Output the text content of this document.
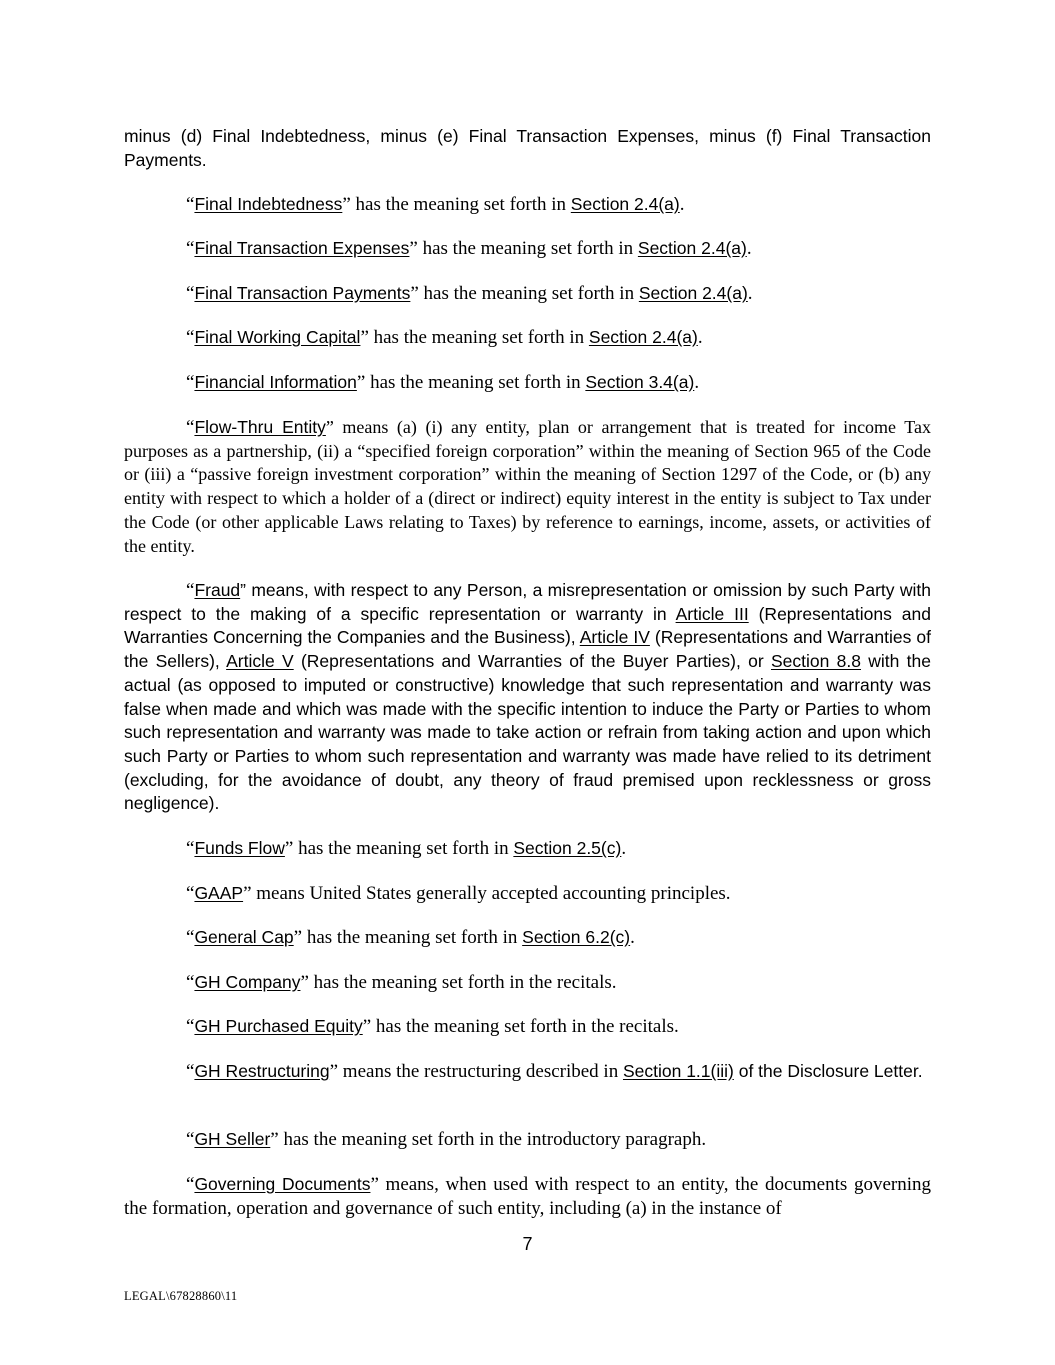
minus (d) Final Indebtedness, minus (e) Final Transaction Expenses, minus (f) Final Transaction Payments.

“Final Indebtedness” has the meaning set forth in Section 2.4(a).

“Final Transaction Expenses” has the meaning set forth in Section 2.4(a).

“Final Transaction Payments” has the meaning set forth in Section 2.4(a).

“Final Working Capital” has the meaning set forth in Section 2.4(a).

“Financial Information” has the meaning set forth in Section 3.4(a).

“Flow-Thru Entity” means (a) (i) any entity, plan or arrangement that is treated for income Tax purposes as a partnership, (ii) a “specified foreign corporation” within the meaning of Section 965 of the Code or (iii) a “passive foreign investment corporation” within the meaning of Section 1297 of the Code, or (b) any entity with respect to which a holder of a (direct or indirect) equity interest in the entity is subject to Tax under the Code (or other applicable Laws relating to Taxes) by reference to earnings, income, assets, or activities of the entity.

“Fraud” means, with respect to any Person, a misrepresentation or omission by such Party with respect to the making of a specific representation or warranty in Article III (Representations and Warranties Concerning the Companies and the Business), Article IV (Representations and Warranties of the Sellers), Article V (Representations and Warranties of the Buyer Parties), or Section 8.8 with the actual (as opposed to imputed or constructive) knowledge that such representation and warranty was false when made and which was made with the specific intention to induce the Party or Parties to whom such representation and warranty was made to take action or refrain from taking action and upon which such Party or Parties to whom such representation and warranty was made have relied to its detriment (excluding, for the avoidance of doubt, any theory of fraud premised upon recklessness or gross negligence).

“Funds Flow” has the meaning set forth in Section 2.5(c).

“GAAP” means United States generally accepted accounting principles.

“General Cap” has the meaning set forth in Section 6.2(c).

“GH Company” has the meaning set forth in the recitals.

“GH Purchased Equity” has the meaning set forth in the recitals.

“GH Restructuring” means the restructuring described in Section 1.1(iii) of the Disclosure Letter.

“GH Seller” has the meaning set forth in the introductory paragraph.

“Governing Documents” means, when used with respect to an entity, the documents governing the formation, operation and governance of such entity, including (a) in the instance of

7
LEGAL\67828860\11
